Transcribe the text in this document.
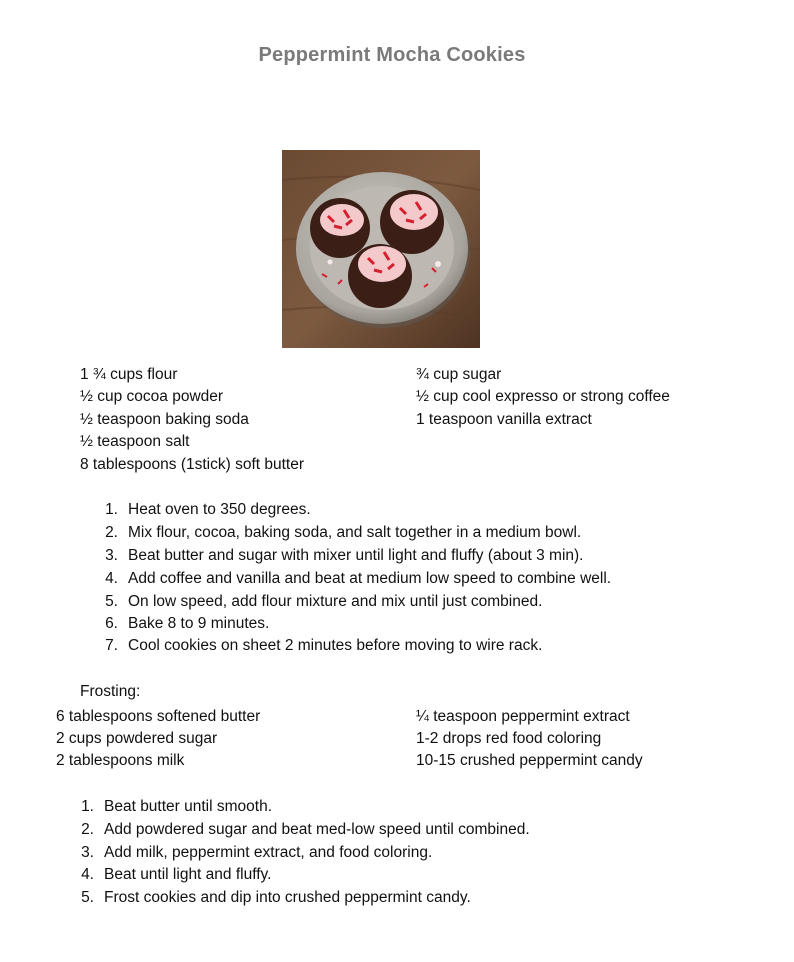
Peppermint Mocha Cookies
1 ¾ cups flour
½ cup cocoa powder
½ teaspoon baking soda
½ teaspoon salt
8 tablespoons (1stick) soft butter
¾ cup sugar
½ cup cool expresso or strong coffee
1 teaspoon vanilla extract
1. Heat oven to 350 degrees.
2. Mix flour, cocoa, baking soda, and salt together in a medium bowl.
3. Beat butter and sugar with mixer until light and fluffy (about 3 min).
4. Add coffee and vanilla and beat at medium low speed to combine well.
5. On low speed, add flour mixture and mix until just combined.
6. Bake 8 to 9 minutes.
7. Cool cookies on sheet 2 minutes before moving to wire rack.
Frosting:
6 tablespoons softened butter
2 cups powdered sugar
2 tablespoons milk
¼ teaspoon peppermint extract
1-2 drops red food coloring
10-15 crushed peppermint candy
1. Beat butter until smooth.
2. Add powdered sugar and beat med-low speed until combined.
3. Add milk, peppermint extract, and food coloring.
4. Beat until light and fluffy.
5. Frost cookies and dip into crushed peppermint candy.
